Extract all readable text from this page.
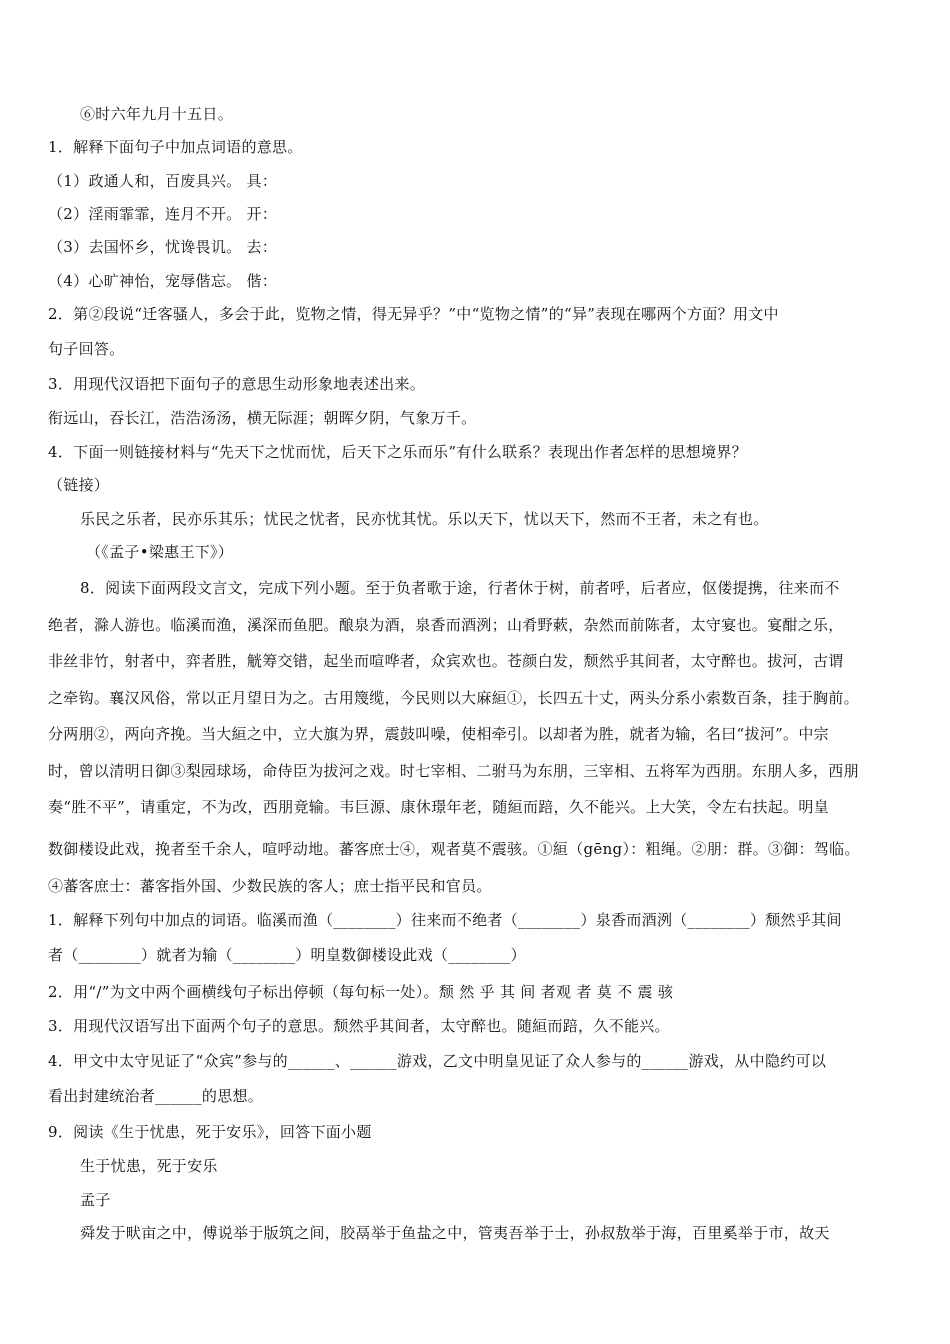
⑥时六年九月十五日。
1．解释下面句子中加点词语的意思。
（1）政通人和，百废具兴。 具：
（2）淫雨霏霏，连月不开。 开：
（3）去国怀乡，忧谗畏讥。 去：
（4）心旷神怡，宠辱偕忘。 偕：
2．第②段说“迁客骚人，多会于此，览物之情，得无异乎？”中“览物之情”的“异”表现在哪两个方面？用文中
句子回答。
3．用现代汉语把下面句子的意思生动形象地表述出来。
衔远山，吞长江，浩浩汤汤，横无际涯；朝晖夕阴，气象万千。
4．下面一则链接材料与“先天下之忧而忧，后天下之乐而乐”有什么联系？表现出作者怎样的思想境界？
（链接）
乐民之乐者，民亦乐其乐；忧民之忧者，民亦忧其忧。乐以天下，忧以天下，然而不王者，未之有也。
（《孟子•梁惠王下》）
8．阅读下面两段文言文，完成下列小题。至于负者歌于途，行者休于树，前者呼，后者应，伛偻提携，往来而不
绝者，滁人游也。临溪而渔，溪深而鱼肥。酿泉为酒，泉香而酒洌；山肴野蔌，杂然而前陈者，太守宴也。宴酣之乐，
非丝非竹，射者中，弈者胜，觥筹交错，起坐而喧哗者，众宾欢也。苍颜白发，颓然乎其间者，太守醉也。拔河，古谓
之牵钩。襄汉风俗，常以正月望日为之。古用篾缆，今民则以大麻絙①，长四五十丈，两头分系小索数百条，挂于胸前。
分两朋②，两向齐挽。当大絙之中，立大旗为界，震鼓叫噪，使相牵引。以却者为胜，就者为输，名曰“拔河”。中宗
时，曾以清明日御③梨园球场，命侍臣为拔河之戏。时七宰相、二驸马为东朋，三宰相、五将军为西朋。东朋人多，西朋
奏“胜不平”，请重定，不为改，西朋竟输。韦巨源、康休璟年老，随絙而踣，久不能兴。上大笑，令左右扶起。明皇
数御楼设此戏，挽者至千余人，喧呼动地。蕃客庶士④，观者莫不震骇。①絙（gēng）：粗绳。②朋：群。③御：驾临。
④蕃客庶士：蕃客指外国、少数民族的客人；庶士指平民和官员。
1．解释下列句中加点的词语。临溪而渔（________）往来而不绝者（________）泉香而酒洌（________）颓然乎其间
者（________）就者为输（________）明皇数御楼设此戏（________）
2．用“/”为文中两个画横线句子标出停顿（每句标一处）。颓 然 乎 其 间 者观 者 莫 不 震 骇
3．用现代汉语写出下面两个句子的意思。颓然乎其间者，太守醉也。随絙而踣，久不能兴。
4．甲文中太守见证了“众宾”参与的______、______游戏，乙文中明皇见证了众人参与的______游戏，从中隐约可以
看出封建统治者______的思想。
9．阅读《生于忧患，死于安乐》，回答下面小题
生于忧患，死于安乐
孟子
舜发于畎亩之中，傅说举于版筑之间，胶鬲举于鱼盐之中，管夷吾举于士，孙叔敖举于海，百里奚举于市，故天
